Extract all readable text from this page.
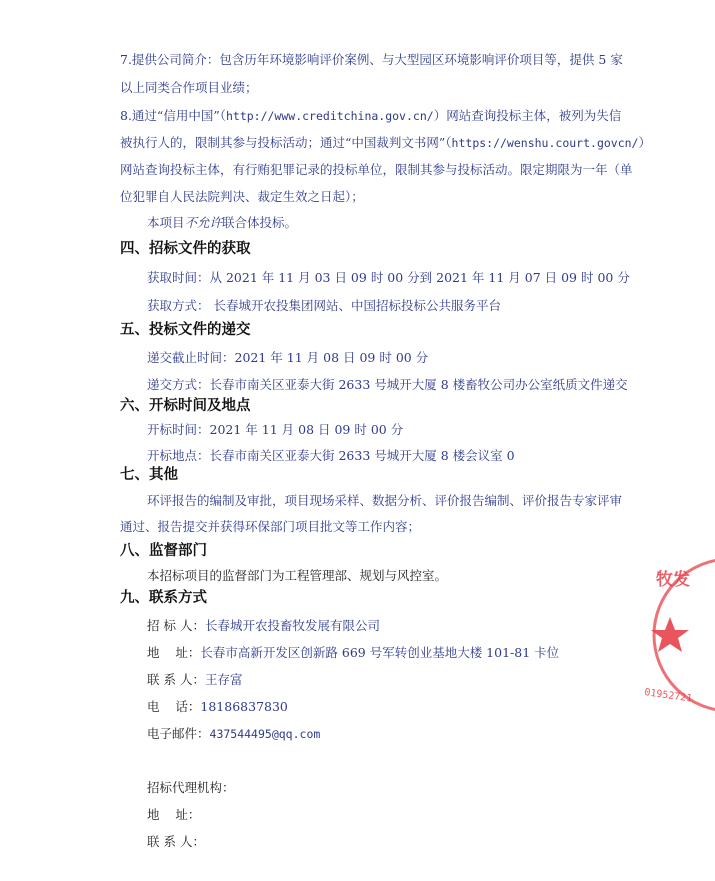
7.提供公司简介：包含历年环境影响评价案例、与大型园区环境影响评价项目等，提供 5 家
以上同类合作项目业绩；
8.通过“信用中国”（http://www.creditchina.gov.cn/）网站查询投标主体，被列为失信
被执行人的，限制其参与投标活动；通过“中国裁判文书网”（https://wenshu.court.govcn/）
网站查询投标主体，有行贿犯罪记录的投标单位，限制其参与投标活动。限定期限为一年（单
位犯罪自人民法院判决、裁定生效之日起）；
本项目不允许联合体投标。
四、招标文件的获取
获取时间：从 2021 年 11 月 03 日 09 时 00 分到 2021 年 11 月 07 日 09 时 00 分
获取方式： 长春城开农投集团网站、中国招标投标公共服务平台
五、投标文件的递交
递交截止时间：2021 年 11 月 08 日 09 时 00 分
递交方式：长春市南关区亚泰大街 2633 号城开大厦 8 楼畜牧公司办公室纸质文件递交
六、开标时间及地点
开标时间：2021 年 11 月 08 日 09 时 00 分
开标地点：长春市南关区亚泰大街 2633 号城开大厦 8 楼会议室 0
七、其他
环评报告的编制及审批，项目现场采样、数据分析、评价报告编制、评价报告专家评审
通过、报告提交并获得环保部门项目批文等工作内容；
八、监督部门
本招标项目的监督部门为工程管理部、规划与风控室。
九、联系方式
招 标 人：长春城开农投畜牧发展有限公司
地    址：长春市高新开发区创新路 669 号军转创业基地大楼 101-81 卡位
联 系 人：王存富
电    话：18186837830
电子邮件：437544495@qq.com
招标代理机构：
地    址：
联 系 人：
牧发
01952721
